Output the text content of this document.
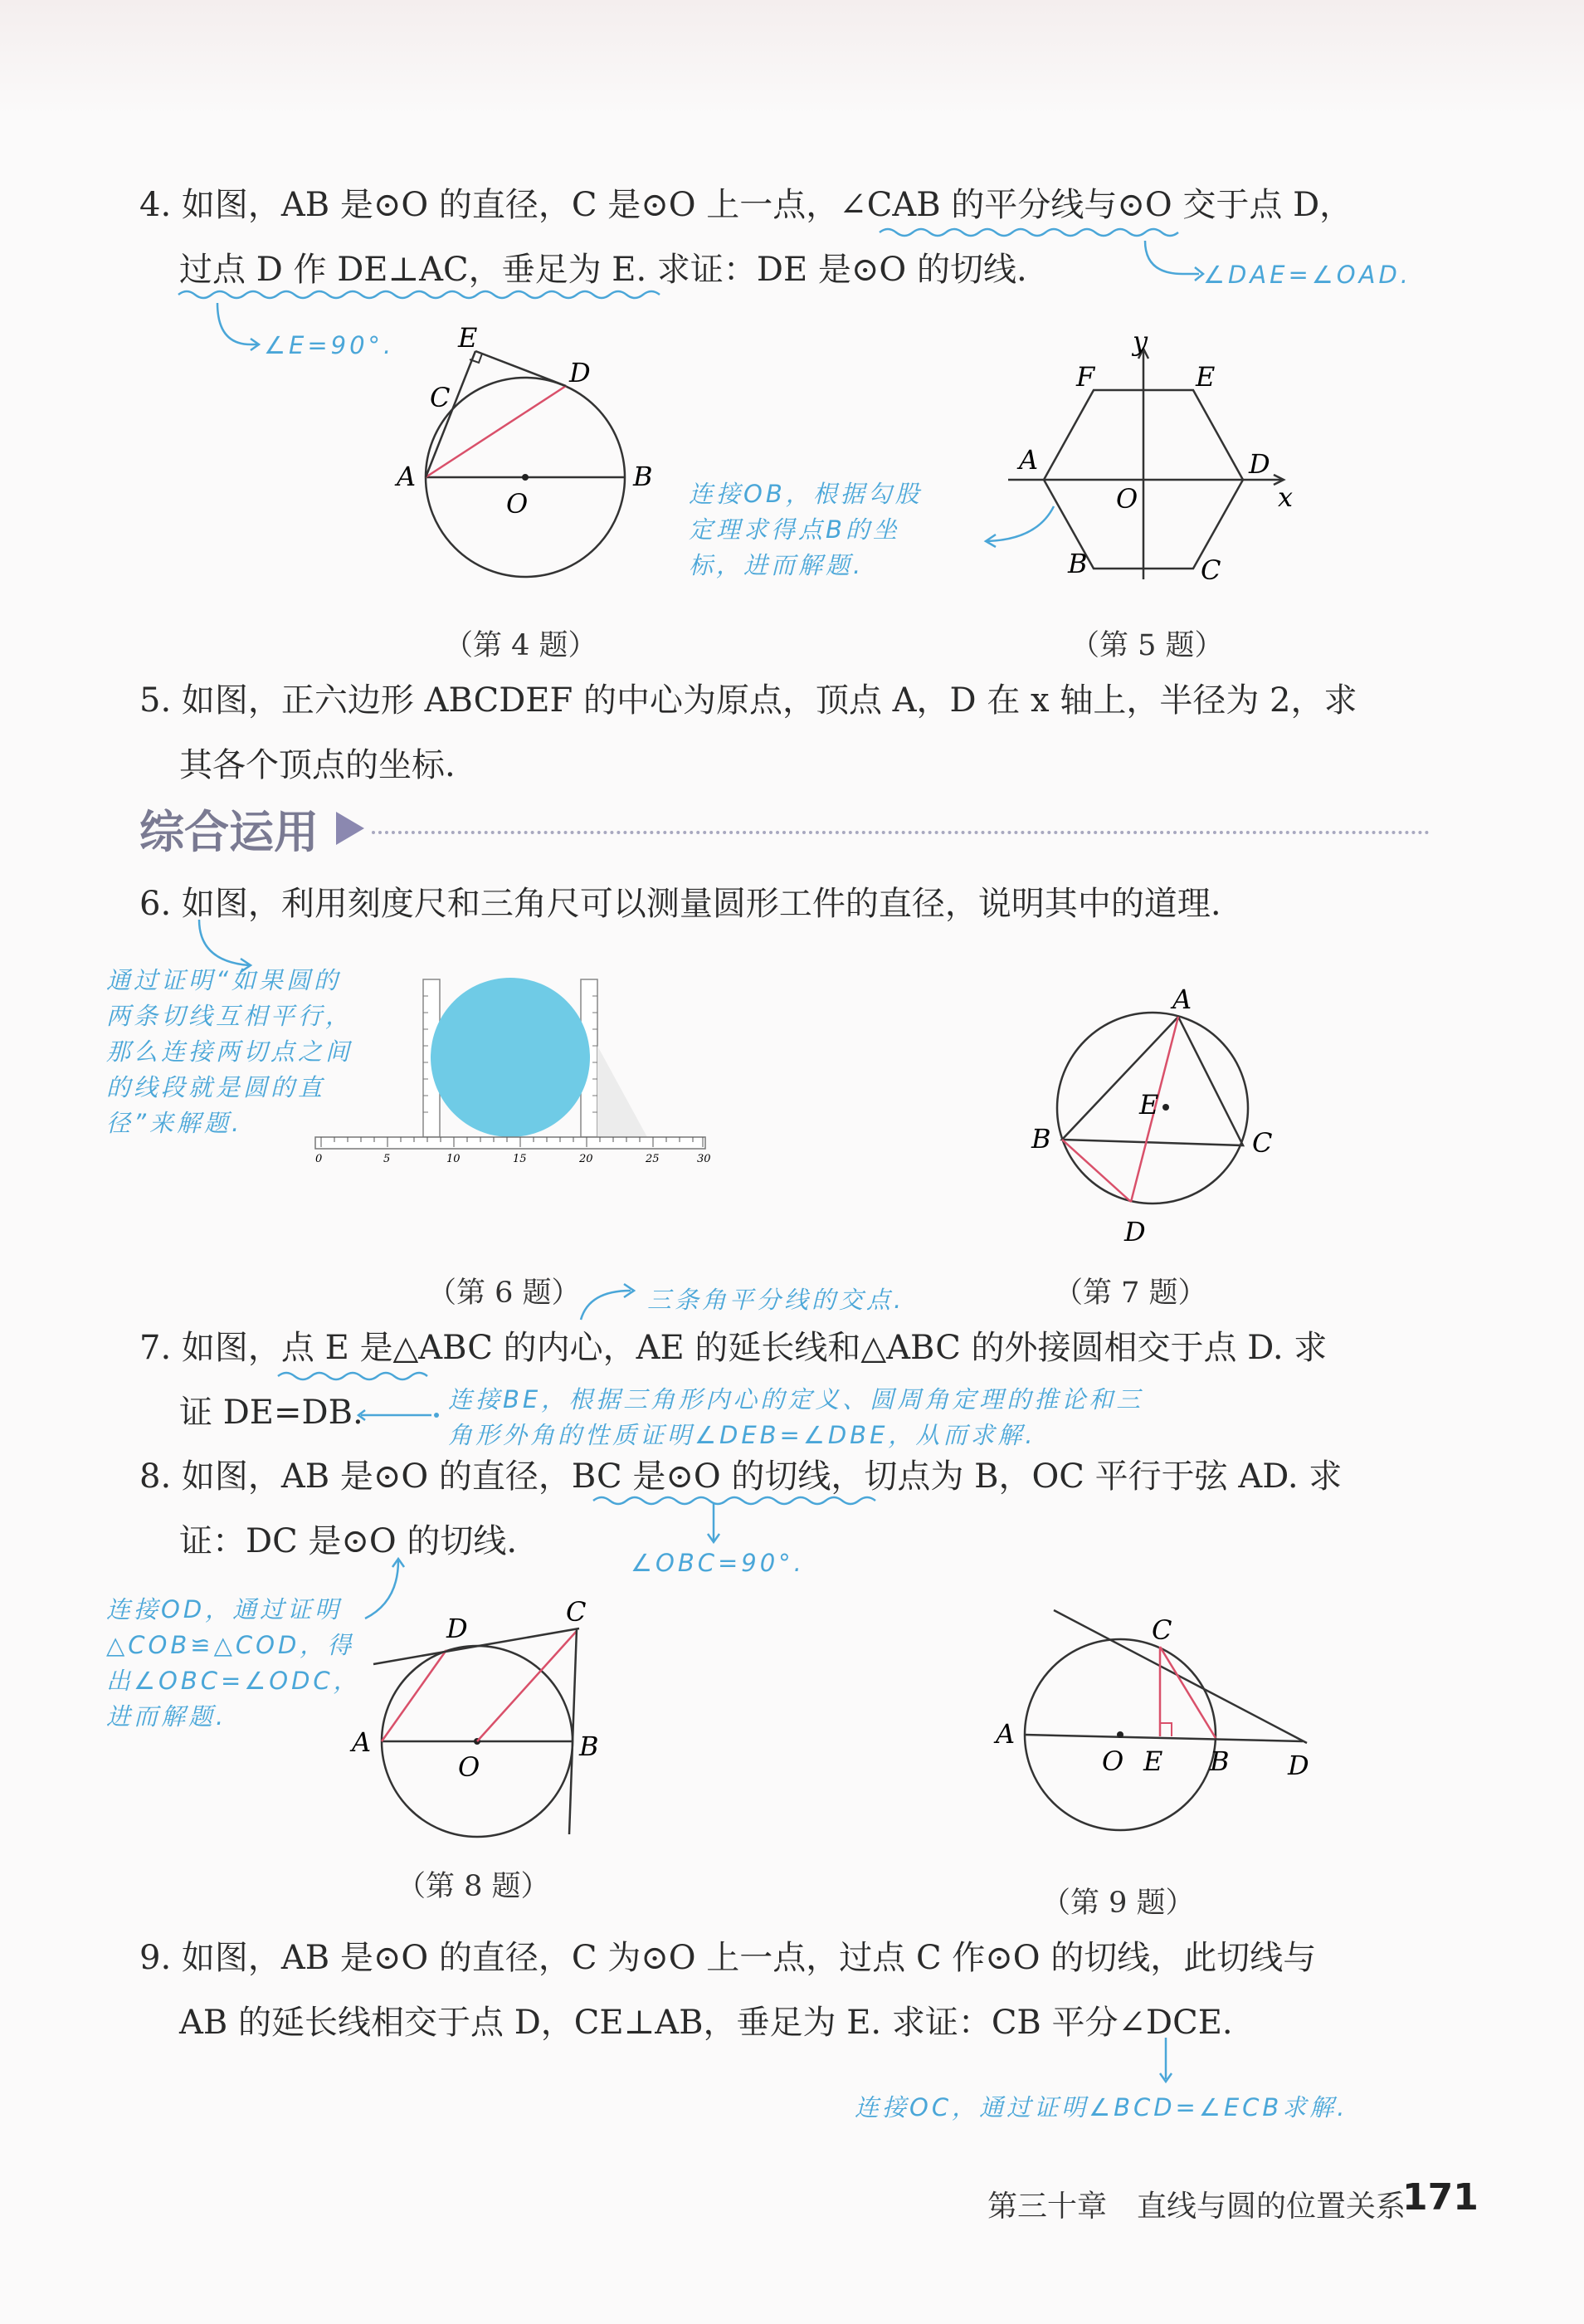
4. 如图，AB 是⊙O 的直径，C 是⊙O 上一点，∠CAB 的平分线与⊙O 交于点 D，
过点 D 作 DE⊥AC，垂足为 E. 求证：DE 是⊙O 的切线.	∠DAE=∠OAD.
∠E=90°. E
D
C
A
O
B
（第 4 题）
y
F	E
A
O
D
x
B	C
（第 5 题）
连接OB，根据勾股
定理求得点B的坐
标，进而解题.
5. 如图，正六边形 ABCDEF 的中心为原点，顶点 A，D 在 x 轴上，半径为 2，求
其各个顶点的坐标.
综合运用
6. 如图，利用刻度尺和三角尺可以测量圆形工件的直径，说明其中的道理.
通过证明“如果圆的
两条切线互相平行，
那么连接两切点之间
的线段就是圆的直
径”来解题.
0	5	10	15	20	25	30
（第 6 题）
A
E
B	C
D
（第 7 题）
三条角平分线的交点.
7. 如图，点 E 是△ABC 的内心，AE 的延长线和△ABC 的外接圆相交于点 D. 求
证 DE=DB.	连接BE，根据三角形内心的定义、圆周角定理的推论和三
角形外角的性质证明∠DEB=∠DBE，从而求解.
8. 如图，AB 是⊙O 的直径，BC 是⊙O 的切线，切点为 B，OC 平行于弦 AD. 求
证：DC 是⊙O 的切线.
∠OBC=90°.
连接OD，通过证明
△COB≌△COD，得
出∠OBC=∠ODC，
进而解题.
D
C
A
O
B
（第 8 题）
C
A
O E B D
（第 9 题）
9. 如图，AB 是⊙O 的直径，C 为⊙O 上一点，过点 C 作⊙O 的切线，此切线与
AB 的延长线相交于点 D，CE⊥AB，垂足为 E. 求证：CB 平分∠DCE.
连接OC，通过证明∠BCD=∠ECB求解.
第三十章　直线与圆的位置关系
171
